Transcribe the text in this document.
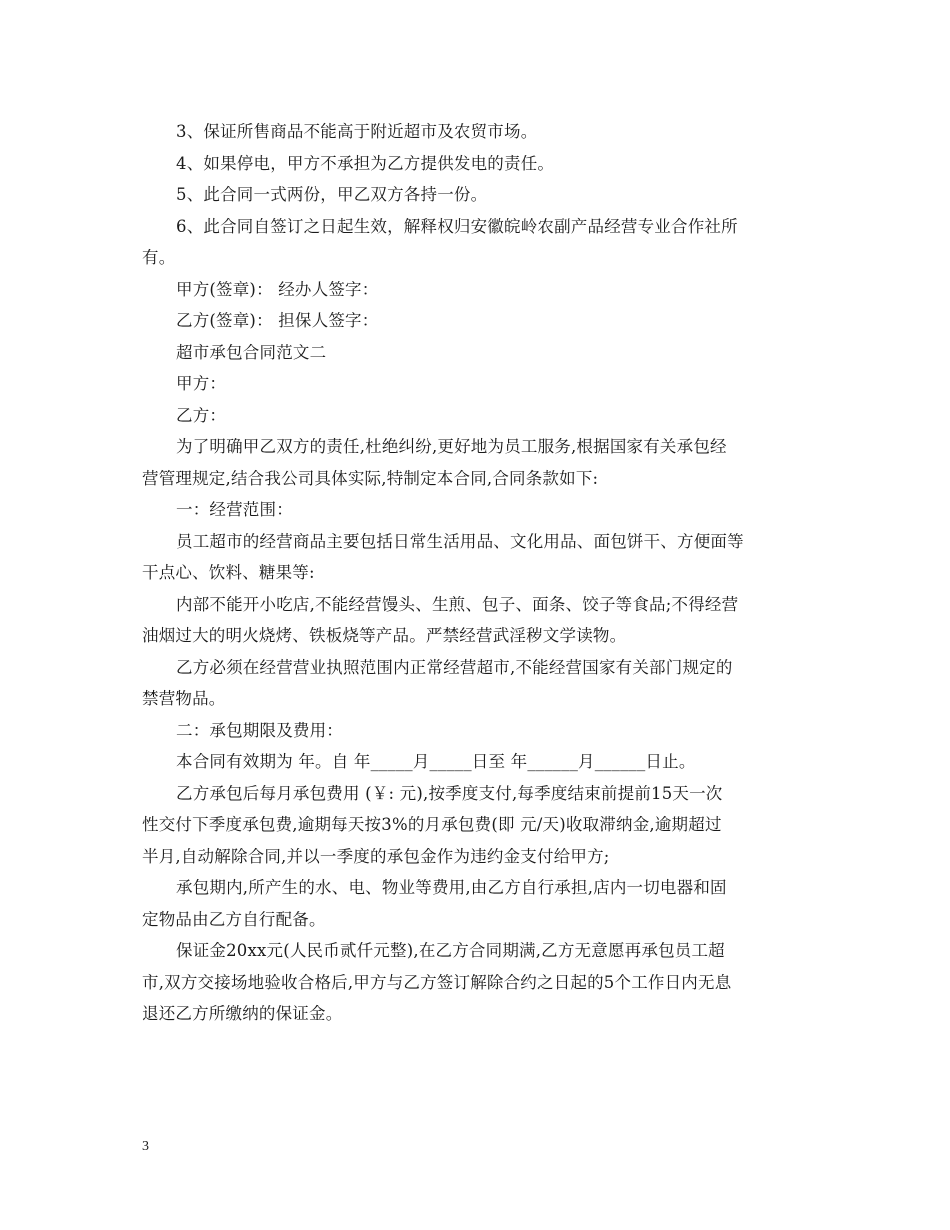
3、保证所售商品不能高于附近超市及农贸市场。
4、如果停电，甲方不承担为乙方提供发电的责任。
5、此合同一式两份，甲乙双方各持一份。
6、此合同自签订之日起生效，解释权归安徽皖岭农副产品经营专业合作社所
有。
甲方(签章)： 经办人签字：
乙方(签章)： 担保人签字：
超市承包合同范文二
甲方：
乙方：
为了明确甲乙双方的责任,杜绝纠纷,更好地为员工服务,根据国家有关承包经
营管理规定,结合我公司具体实际,特制定本合同,合同条款如下:
一：经营范围：
员工超市的经营商品主要包括日常生活用品、文化用品、面包饼干、方便面等
干点心、饮料、糖果等:
内部不能开小吃店,不能经营馒头、生煎、包子、面条、饺子等食品;不得经营
油烟过大的明火烧烤、铁板烧等产品。严禁经营武淫秽文学读物。
乙方必须在经营营业执照范围内正常经营超市,不能经营国家有关部门规定的
禁营物品。
二：承包期限及费用：
本合同有效期为 年。自 年_____月_____日至 年______月______日止。
乙方承包后每月承包费用 (￥: 元),按季度支付,每季度结束前提前15天一次
性交付下季度承包费,逾期每天按3%的月承包费(即 元/天)收取滞纳金,逾期超过
半月,自动解除合同,并以一季度的承包金作为违约金支付给甲方;
承包期内,所产生的水、电、物业等费用,由乙方自行承担,店内一切电器和固
定物品由乙方自行配备。
保证金20xx元(人民币贰仟元整),在乙方合同期满,乙方无意愿再承包员工超
市,双方交接场地验收合格后,甲方与乙方签订解除合约之日起的5个工作日内无息
退还乙方所缴纳的保证金。
3
